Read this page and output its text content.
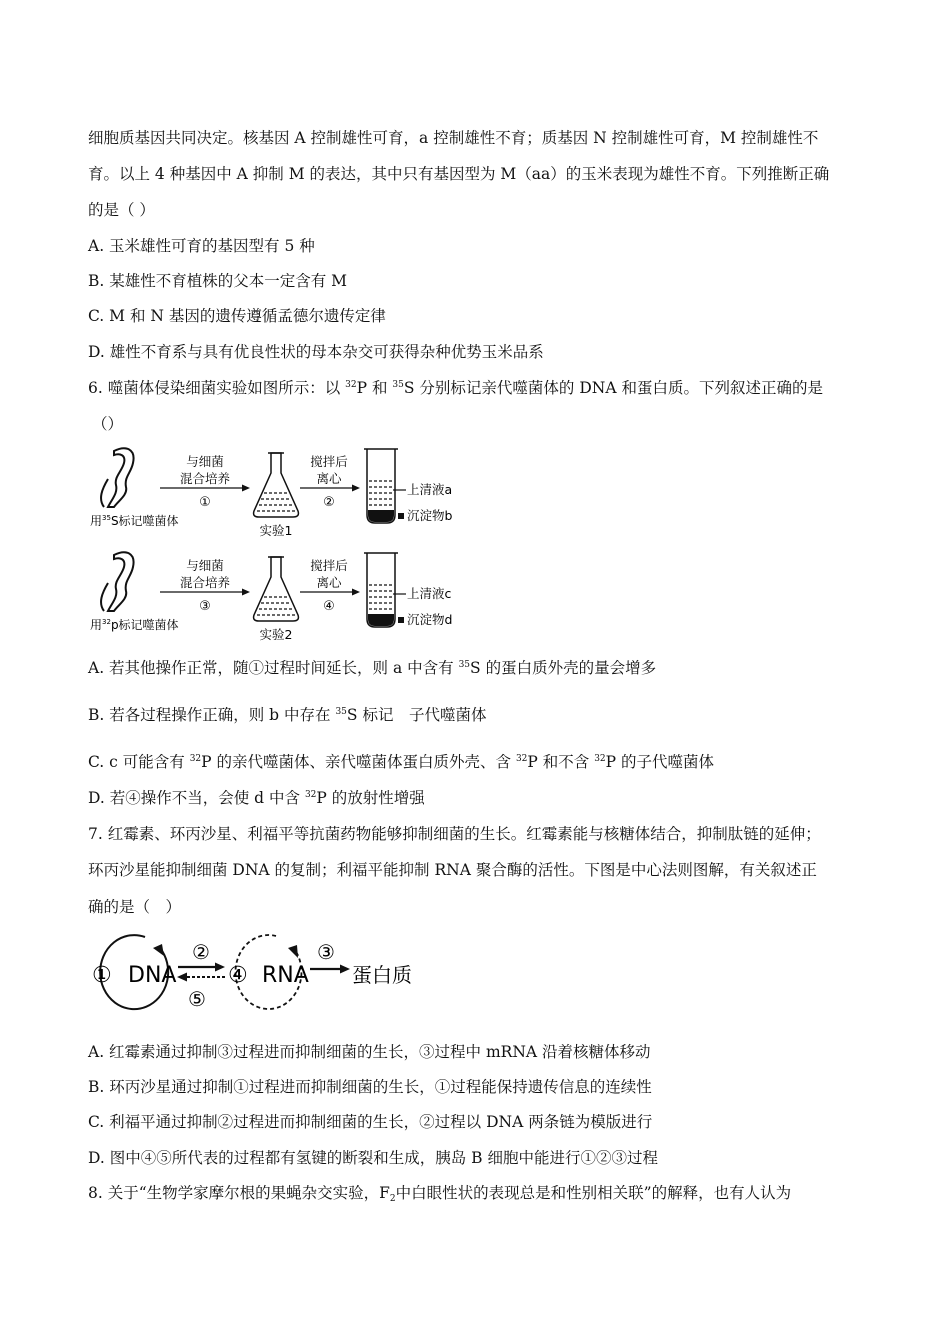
细胞质基因共同决定。核基因 A 控制雄性可育，a 控制雄性不育；质基因 N 控制雄性可育，M 控制雄性不
育。以上 4 种基因中 A 抑制 M 的表达，其中只有基因型为 M（aa）的玉米表现为雄性不育。下列推断正确
的是（ ）
A. 玉米雄性可育的基因型有 5 种
B. 某雄性不育植株的父本一定含有 M
C. M 和 N 基因的遗传遵循孟德尔遗传定律
D. 雄性不育系与具有优良性状的母本杂交可获得杂种优势玉米品系
6. 噬菌体侵染细菌实验如图所示：以 $^{32}$P 和 $^{35}$S 分别标记亲代噬菌体的 DNA 和蛋白质。下列叙述正确的是
（）
用$^{35}$S标记噬菌体
与细菌
混合培养
①
实验1
搅拌后
离心
②
上清液a
沉淀物b
用$^{32}$p标记噬菌体
与细菌
混合培养
③
实验2
搅拌后
离心
④
上清液c
沉淀物d
A. 若其他操作正常，随①过程时间延长，则 a 中含有 $^{35}$S 的蛋白质外壳的量会增多
B. 若各过程操作正确，则 b 中存在 $^{35}$S 标记　子代噬菌体
C. c 可能含有 $^{32}$P 的亲代噬菌体、亲代噬菌体蛋白质外壳、含 $^{32}$P 和不含 $^{32}$P 的子代噬菌体
D. 若④操作不当，会使 d 中含 $^{32}$P 的放射性增强
7. 红霉素、环丙沙星、利福平等抗菌药物能够抑制细菌的生长。红霉素能与核糖体结合，抑制肽链的延伸；
环丙沙星能抑制细菌 DNA 的复制；利福平能抑制 RNA 聚合酶的活性。下图是中心法则图解，有关叙述正
确的是（　）
① DNA
②
⑤
④ RNA
③
蛋白质
A. 红霉素通过抑制③过程进而抑制细菌的生长，③过程中 mRNA 沿着核糖体移动
B. 环丙沙星通过抑制①过程进而抑制细菌的生长，①过程能保持遗传信息的连续性
C. 利福平通过抑制②过程进而抑制细菌的生长，②过程以 DNA 两条链为模版进行
D. 图中④⑤所代表的过程都有氢键的断裂和生成，胰岛 B 细胞中能进行①②③过程
8. 关于“生物学家摩尔根的果蝇杂交实验，$F_2$中白眼性状的表现总是和性别相关联”的解释，也有人认为
